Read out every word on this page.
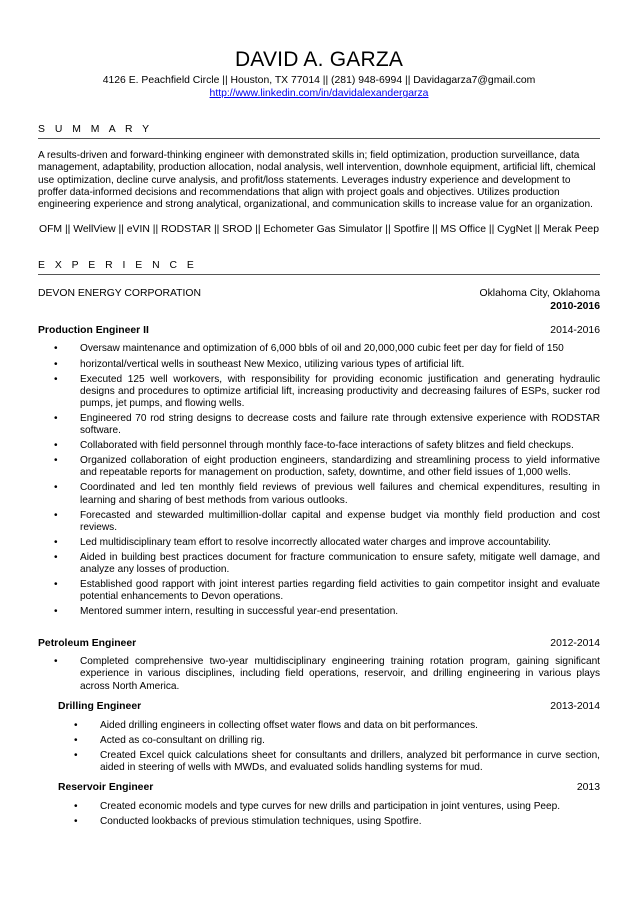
DAVID A. GARZA
4126 E. Peachfield Circle || Houston, TX 77014 || (281) 948-6994 || Davidagarza7@gmail.com
http://www.linkedin.com/in/davidalexandergarza
S U M M A R Y
A results-driven and forward-thinking engineer with demonstrated skills in; field optimization, production surveillance, data management, adaptability, production allocation, nodal analysis, well intervention, downhole equipment, artificial lift, chemical use optimization, decline curve analysis, and profit/loss statements. Leverages industry experience and development to proffer data-informed decisions and recommendations that align with project goals and objectives. Utilizes production engineering experience and strong analytical, organizational, and communication skills to increase value for an organization.
OFM || WellView || eVIN || RODSTAR || SROD || Echometer Gas Simulator || Spotfire || MS Office || CygNet || Merak Peep
E X P E R I E N C E
DEVON ENERGY CORPORATION	Oklahoma City, Oklahoma
2010-2016
Production Engineer II	2014-2016
• Oversaw maintenance and optimization of 6,000 bbls of oil and 20,000,000 cubic feet per day for field of 150
• horizontal/vertical wells in southeast New Mexico, utilizing various types of artificial lift.
• Executed 125 well workovers, with responsibility for providing economic justification and generating hydraulic designs and procedures to optimize artificial lift, increasing productivity and decreasing failures of ESPs, sucker rod pumps, jet pumps, and flowing wells.
• Engineered 70 rod string designs to decrease costs and failure rate through extensive experience with RODSTAR software.
• Collaborated with field personnel through monthly face-to-face interactions of safety blitzes and field checkups.
• Organized collaboration of eight production engineers, standardizing and streamlining process to yield informative and repeatable reports for management on production, safety, downtime, and other field issues of 1,000 wells.
• Coordinated and led ten monthly field reviews of previous well failures and chemical expenditures, resulting in learning and sharing of best methods from various outlooks.
• Forecasted and stewarded multimillion-dollar capital and expense budget via monthly field production and cost reviews.
• Led multidisciplinary team effort to resolve incorrectly allocated water charges and improve accountability.
• Aided in building best practices document for fracture communication to ensure safety, mitigate well damage, and analyze any losses of production.
• Established good rapport with joint interest parties regarding field activities to gain competitor insight and evaluate potential enhancements to Devon operations.
• Mentored summer intern, resulting in successful year-end presentation.
Petroleum Engineer	2012-2014
• Completed comprehensive two-year multidisciplinary engineering training rotation program, gaining significant experience in various disciplines, including field operations, reservoir, and drilling engineering in various plays across North America.
Drilling Engineer	2013-2014
• Aided drilling engineers in collecting offset water flows and data on bit performances.
• Acted as co-consultant on drilling rig.
• Created Excel quick calculations sheet for consultants and drillers, analyzed bit performance in curve section, aided in steering of wells with MWDs, and evaluated solids handling systems for mud.
Reservoir Engineer	2013
• Created economic models and type curves for new drills and participation in joint ventures, using Peep.
• Conducted lookbacks of previous stimulation techniques, using Spotfire.
